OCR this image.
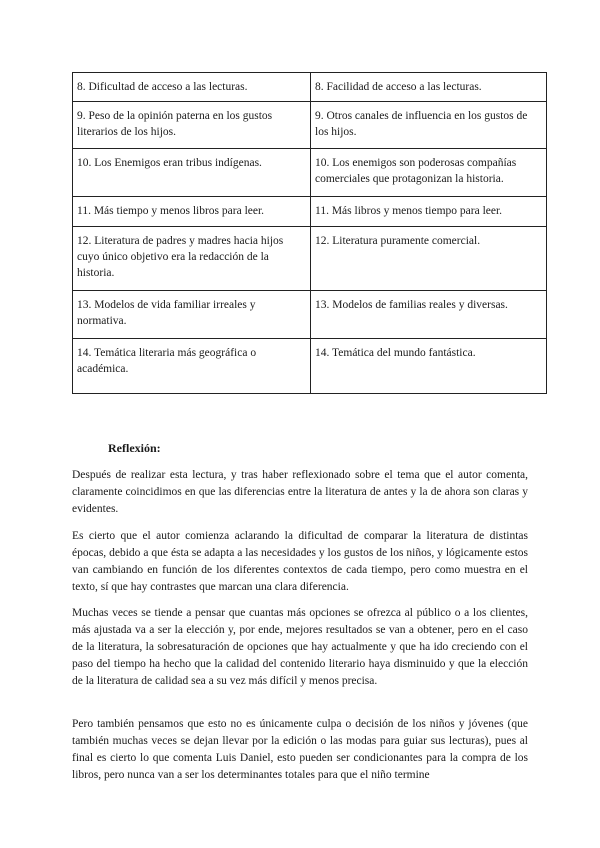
8. Dificultad de acceso a las lecturas.	8. Facilidad de acceso a las lecturas.
9. Peso de la opinión paterna en los gustos literarios de los hijos.	9. Otros canales de influencia en los gustos de los hijos.
10. Los Enemigos eran tribus indígenas.	10. Los enemigos son poderosas compañías comerciales que protagonizan la historia.
11. Más tiempo y menos libros para leer.	11. Más libros y menos tiempo para leer.
12. Literatura de padres y madres hacia hijos cuyo único objetivo era la redacción de la historia.	12. Literatura puramente comercial.
13. Modelos de vida familiar irreales y normativa.	13. Modelos de familias reales y diversas.
14. Temática literaria más geográfica o académica.	14. Temática del mundo fantástica.

Reflexión:

Después de realizar esta lectura, y tras haber reflexionado sobre el tema que el autor comenta, claramente coincidimos en que las diferencias entre la literatura de antes y la de ahora son claras y evidentes.

Es cierto que el autor comienza aclarando la dificultad de comparar la literatura de distintas épocas, debido a que ésta se adapta a las necesidades y los gustos de los niños, y lógicamente estos van cambiando en función de los diferentes contextos de cada tiempo, pero como muestra en el texto, sí que hay contrastes que marcan una clara diferencia.

Muchas veces se tiende a pensar que cuantas más opciones se ofrezca al público o a los clientes, más ajustada va a ser la elección y, por ende, mejores resultados se van a obtener, pero en el caso de la literatura, la sobresaturación de opciones que hay actualmente y que ha ido creciendo con el paso del tiempo ha hecho que la calidad del contenido literario haya disminuido y que la elección de la literatura de calidad sea a su vez más difícil y menos precisa.

Pero también pensamos que esto no es únicamente culpa o decisión de los niños y jóvenes (que también muchas veces se dejan llevar por la edición o las modas para guiar sus lecturas), pues al final es cierto lo que comenta Luis Daniel, esto pueden ser condicionantes para la compra de los libros, pero nunca van a ser los determinantes totales para que el niño termine
